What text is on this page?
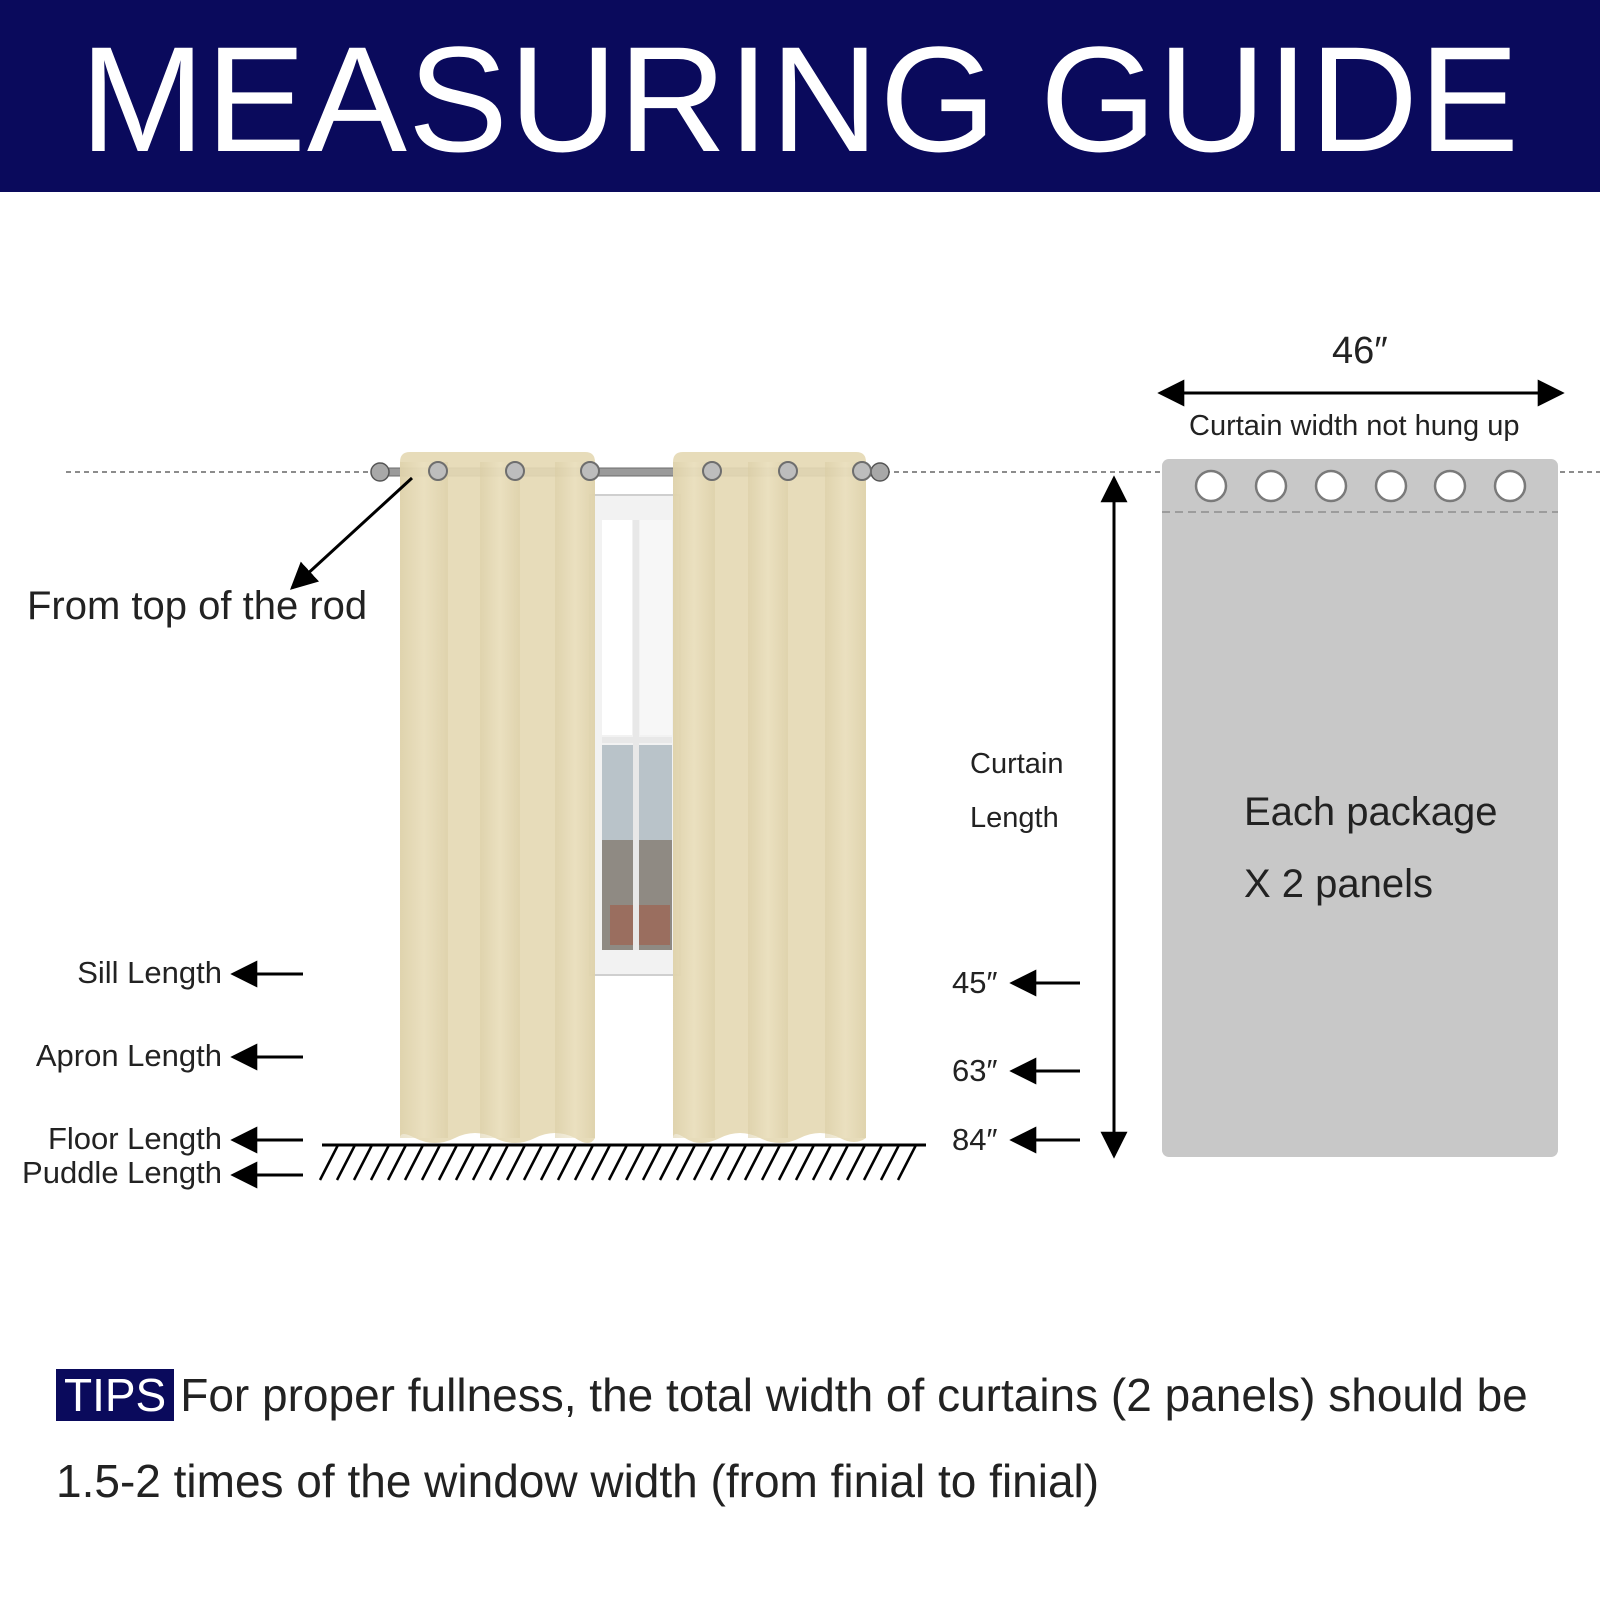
MEASURING GUIDE
From top of the rod
Sill Length
Apron Length
Floor Length
Puddle Length
Curtain
Length
45″
63″
84″
46″
Curtain width not hung up
Each package
X 2 panels
TIPS For proper fullness, the total width of curtains (2 panels) should be 1.5-2 times of the window width (from finial to finial)
